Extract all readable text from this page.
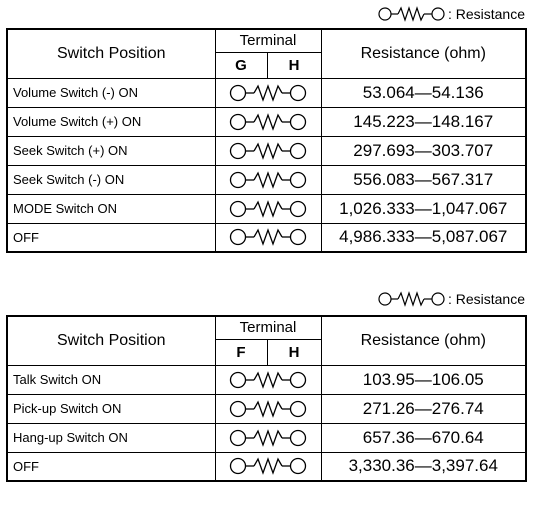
: Resistance
Switch Position	Terminal		Resistance (ohm)
	G	H	
Volume Switch (-) ON			53.064—54.136
Volume Switch (+) ON			145.223—148.167
Seek Switch (+) ON			297.693—303.707
Seek Switch (-) ON			556.083—567.317
MODE Switch ON			1,026.333—1,047.067
OFF			4,986.333—5,087.067
: Resistance
Switch Position	Terminal		Resistance (ohm)
	F	H	
Talk Switch ON			103.95—106.05
Pick-up Switch ON			271.26—276.74
Hang-up Switch ON			657.36—670.64
OFF			3,330.36—3,397.64
